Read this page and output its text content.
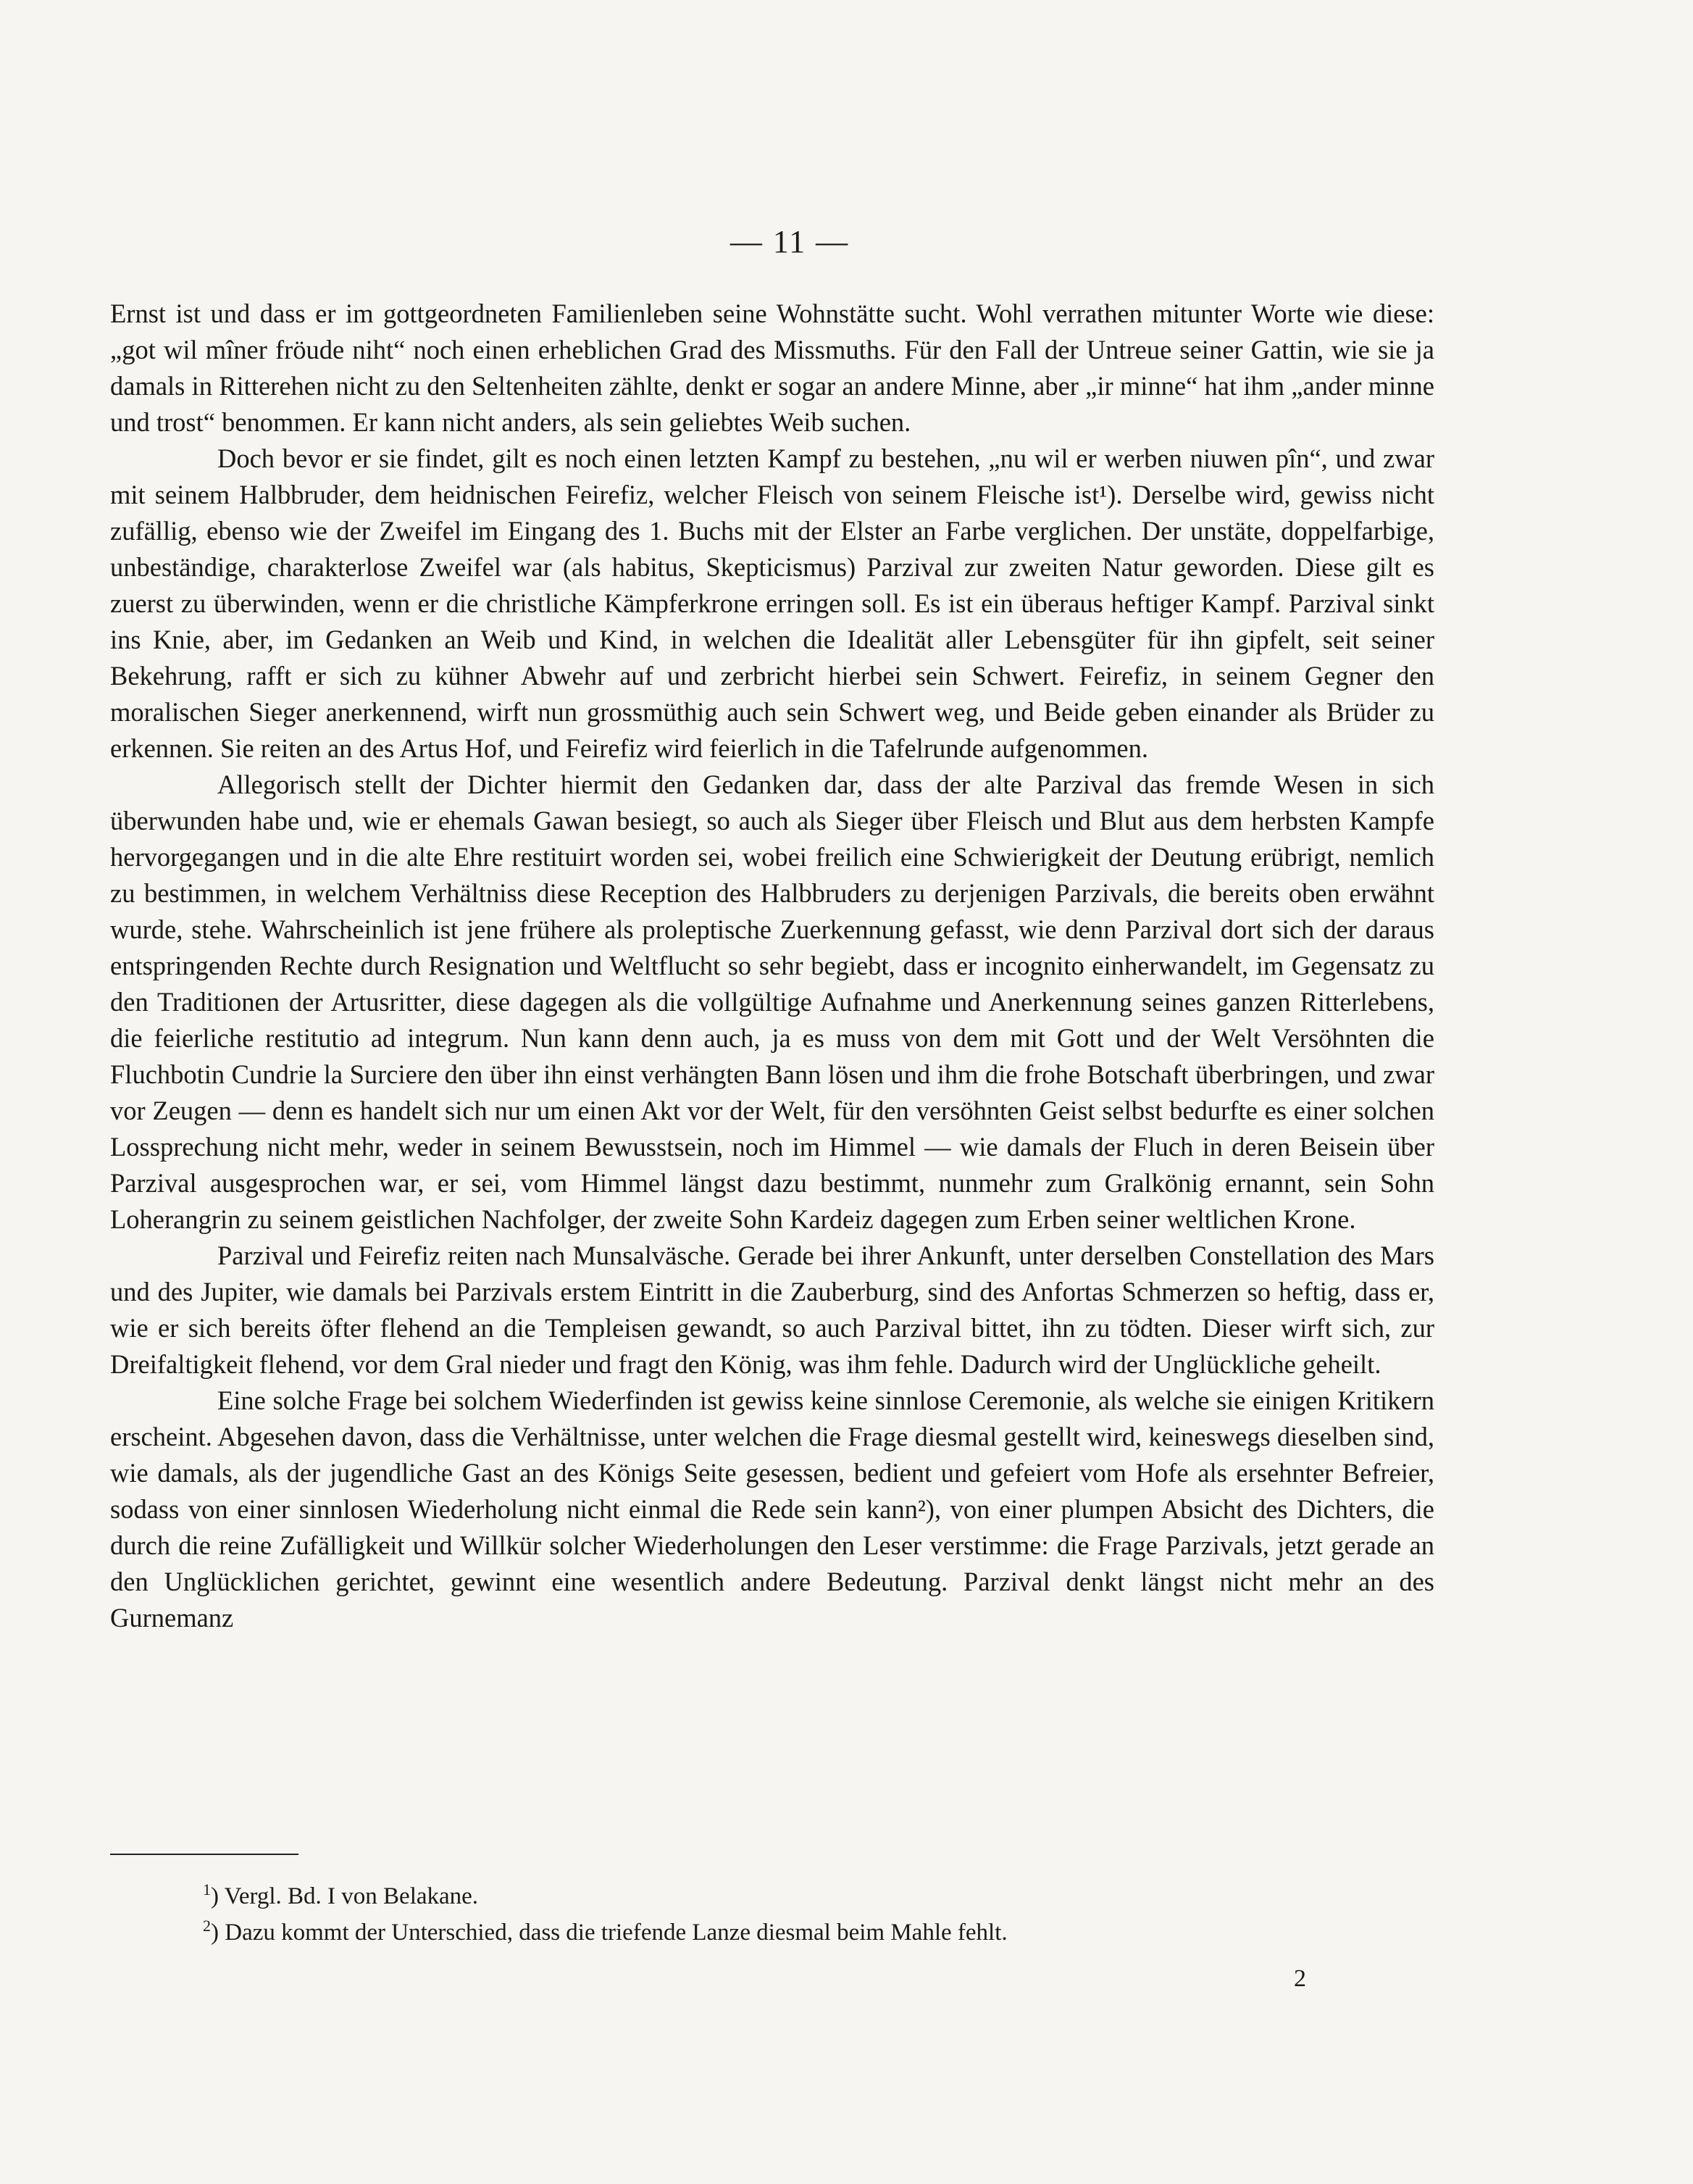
— 11 —

Ernst ist und dass er im gottgeordneten Familienleben seine Wohnstätte sucht. Wohl verrathen mitunter Worte wie diese: „got wil mîner fröude niht“ noch einen erheblichen Grad des Missmuths. Für den Fall der Untreue seiner Gattin, wie sie ja damals in Ritterehen nicht zu den Seltenheiten zählte, denkt er sogar an andere Minne, aber „ir minne“ hat ihm „ander minne und trost“ benommen. Er kann nicht anders, als sein geliebtes Weib suchen.

Doch bevor er sie findet, gilt es noch einen letzten Kampf zu bestehen, „nu wil er werben niuwen pîn“, und zwar mit seinem Halbbruder, dem heidnischen Feirefiz, welcher Fleisch von seinem Fleische ist¹). Derselbe wird, gewiss nicht zufällig, ebenso wie der Zweifel im Eingang des 1. Buchs mit der Elster an Farbe verglichen. Der unstäte, doppelfarbige, unbeständige, charakterlose Zweifel war (als habitus, Skepticismus) Parzival zur zweiten Natur geworden. Diese gilt es zuerst zu überwinden, wenn er die christliche Kämpferkrone erringen soll. Es ist ein überaus heftiger Kampf. Parzival sinkt ins Knie, aber, im Gedanken an Weib und Kind, in welchen die Idealität aller Lebensgüter für ihn gipfelt, seit seiner Bekehrung, rafft er sich zu kühner Abwehr auf und zerbricht hierbei sein Schwert. Feirefiz, in seinem Gegner den moralischen Sieger anerkennend, wirft nun grossmüthig auch sein Schwert weg, und Beide geben einander als Brüder zu erkennen. Sie reiten an des Artus Hof, und Feirefiz wird feierlich in die Tafelrunde aufgenommen.

Allegorisch stellt der Dichter hiermit den Gedanken dar, dass der alte Parzival das fremde Wesen in sich überwunden habe und, wie er ehemals Gawan besiegt, so auch als Sieger über Fleisch und Blut aus dem herbsten Kampfe hervorgegangen und in die alte Ehre restituirt worden sei, wobei freilich eine Schwierigkeit der Deutung erübrigt, nemlich zu bestimmen, in welchem Verhältniss diese Reception des Halbbruders zu derjenigen Parzivals, die bereits oben erwähnt wurde, stehe. Wahrscheinlich ist jene frühere als proleptische Zuerkennung gefasst, wie denn Parzival dort sich der daraus entspringenden Rechte durch Resignation und Weltflucht so sehr begiebt, dass er incognito einherwandelt, im Gegensatz zu den Traditionen der Artusritter, diese dagegen als die vollgültige Aufnahme und Anerkennung seines ganzen Ritterlebens, die feierliche restitutio ad integrum. Nun kann denn auch, ja es muss von dem mit Gott und der Welt Versöhnten die Fluchbotin Cundrie la Surciere den über ihn einst verhängten Bann lösen und ihm die frohe Botschaft überbringen, und zwar vor Zeugen — denn es handelt sich nur um einen Akt vor der Welt, für den versöhnten Geist selbst bedurfte es einer solchen Lossprechung nicht mehr, weder in seinem Bewusstsein, noch im Himmel — wie damals der Fluch in deren Beisein über Parzival ausgesprochen war, er sei, vom Himmel längst dazu bestimmt, nunmehr zum Gralkönig ernannt, sein Sohn Loherangrin zu seinem geistlichen Nachfolger, der zweite Sohn Kardeiz dagegen zum Erben seiner weltlichen Krone.

Parzival und Feirefiz reiten nach Munsalväsche. Gerade bei ihrer Ankunft, unter derselben Constellation des Mars und des Jupiter, wie damals bei Parzivals erstem Eintritt in die Zauberburg, sind des Anfortas Schmerzen so heftig, dass er, wie er sich bereits öfter flehend an die Templeisen gewandt, so auch Parzival bittet, ihn zu tödten. Dieser wirft sich, zur Dreifaltigkeit flehend, vor dem Gral nieder und fragt den König, was ihm fehle. Dadurch wird der Unglückliche geheilt.

Eine solche Frage bei solchem Wiederfinden ist gewiss keine sinnlose Ceremonie, als welche sie einigen Kritikern erscheint. Abgesehen davon, dass die Verhältnisse, unter welchen die Frage diesmal gestellt wird, keineswegs dieselben sind, wie damals, als der jugendliche Gast an des Königs Seite gesessen, bedient und gefeiert vom Hofe als ersehnter Befreier, sodass von einer sinnlosen Wiederholung nicht einmal die Rede sein kann²), von einer plumpen Absicht des Dichters, die durch die reine Zufälligkeit und Willkür solcher Wiederholungen den Leser verstimme: die Frage Parzivals, jetzt gerade an den Unglücklichen gerichtet, gewinnt eine wesentlich andere Bedeutung. Parzival denkt längst nicht mehr an des Gurnemanz

$^1$) Vergl. Bd. I von Belakane.

$^2$) Dazu kommt der Unterschied, dass die triefende Lanze diesmal beim Mahle fehlt.

2
